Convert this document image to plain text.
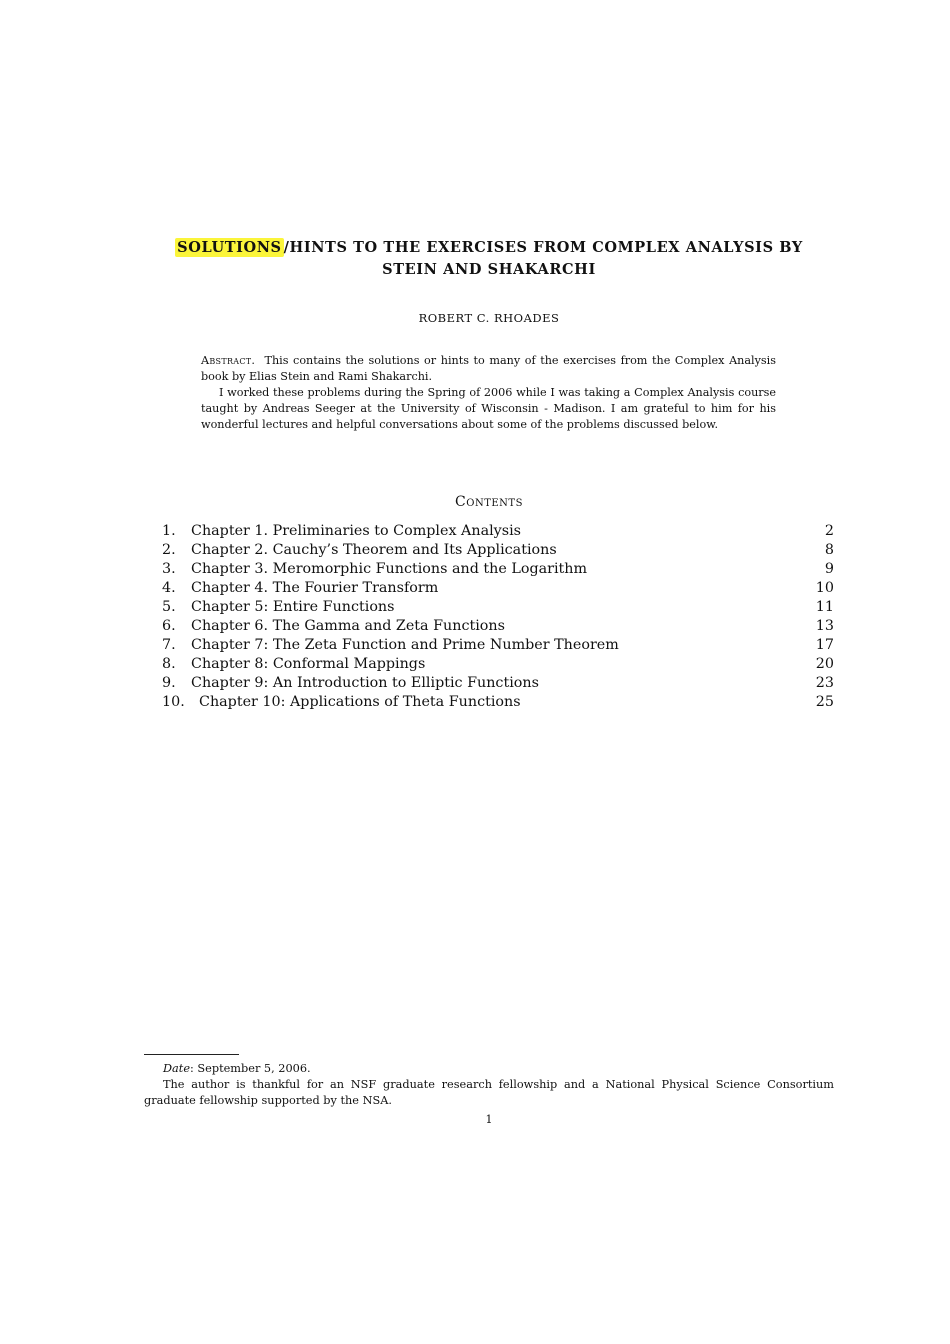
SOLUTIONS /HINTS TO THE EXERCISES FROM COMPLEX ANALYSIS BY
STEIN AND SHAKARCHI
ROBERT C. RHOADES

Abstract. This contains the solutions or hints to many of the exercises from the Complex Analysis book by Elias Stein and Rami Shakarchi.

I worked these problems during the Spring of 2006 while I was taking a Complex Analysis course taught by Andreas Seeger at the University of Wisconsin - Madison. I am grateful to him for his wonderful lectures and helpful conversations about some of the problems discussed below.

Contents
1. Chapter 1. Preliminaries to Complex Analysis	2
2. Chapter 2. Cauchy’s Theorem and Its Applications	8
3. Chapter 3. Meromorphic Functions and the Logarithm	9
4. Chapter 4. The Fourier Transform	10
5. Chapter 5: Entire Functions	11
6. Chapter 6. The Gamma and Zeta Functions	13
7. Chapter 7: The Zeta Function and Prime Number Theorem	17
8. Chapter 8: Conformal Mappings	20
9. Chapter 9: An Introduction to Elliptic Functions	23
10. Chapter 10: Applications of Theta Functions	25

Date: September 5, 2006.

The author is thankful for an NSF graduate research fellowship and a National Physical Science Consortium graduate fellowship supported by the NSA.

1
